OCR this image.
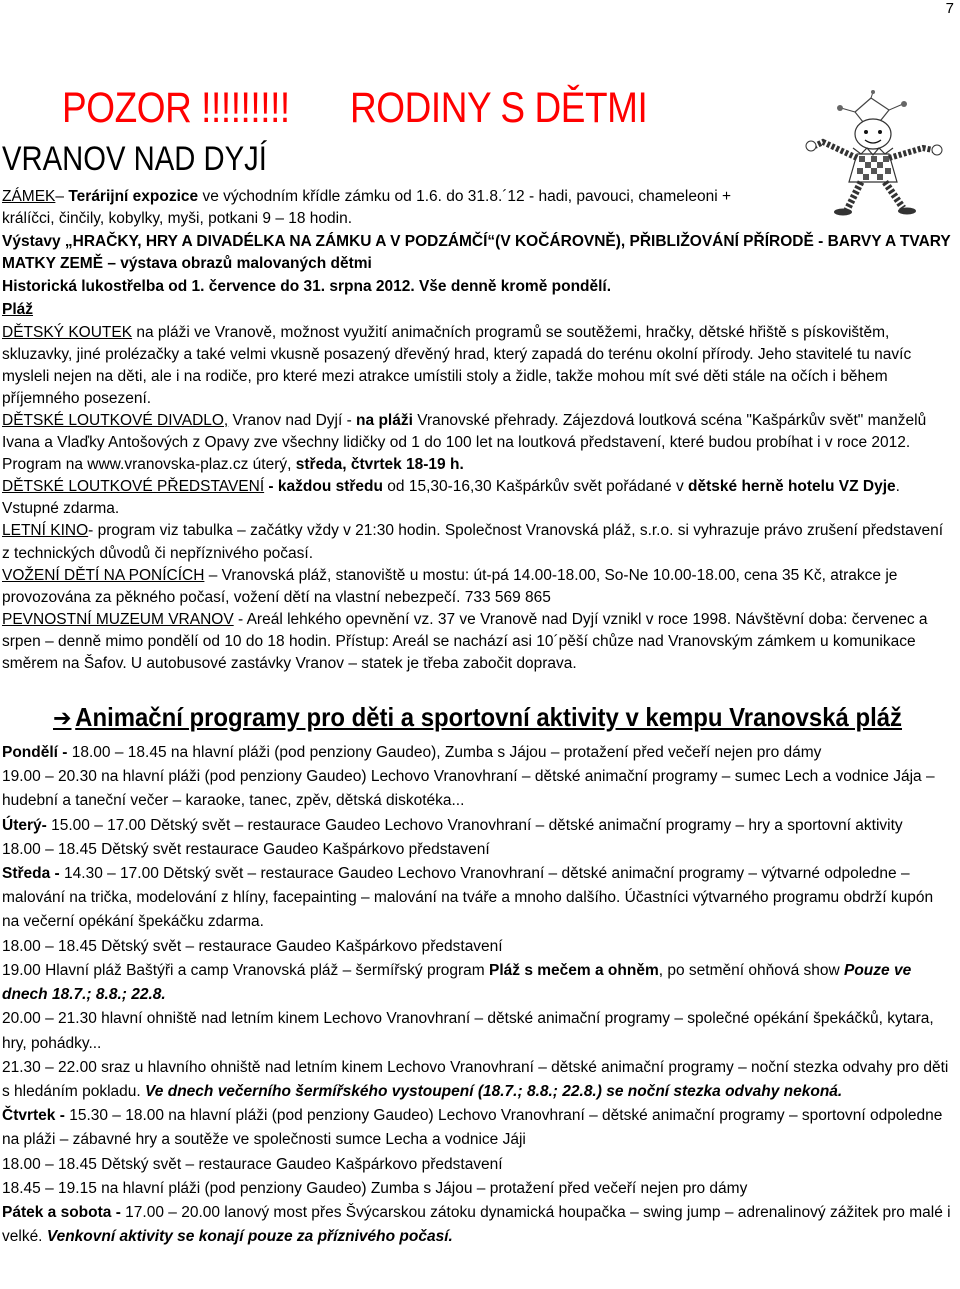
7
POZOR !!!!!!!!! RODINY S DĚTMI
VRANOV NAD DYJÍ

ZÁMEK– Terárijní expozice ve východním křídle zámku od 1.6. do 31.8.´12 - hadi, pavouci, chameleoni + králíčci, činčily, kobylky, myši, potkani 9 – 18 hodin.

Výstavy „HRAČKY, HRY A DIVADÉLKA NA ZÁMKU A V PODZÁMČÍ“(V KOČÁROVNĚ), PŘIBLIŽOVÁNÍ PŘÍRODĚ - BARVY A TVARY MATKY ZEMĚ – výstava obrazů malovaných dětmi

Historická lukostřelba od 1. července do 31. srpna 2012. Vše denně kromě pondělí.

Pláž

DĚTSKÝ KOUTEK na pláži ve Vranově, možnost využití animačních programů se soutěžemi, hračky, dětské hřiště s pískovištěm, skluzavky, jiné prolézačky a také velmi vkusně posazený dřevěný hrad, který zapadá do terénu okolní přírody. Jeho stavitelé tu navíc mysleli nejen na děti, ale i na rodiče, pro které mezi atrakce umístili stoly a židle, takže mohou mít své děti stále na očích i během příjemného posezení.

DĚTSKÉ LOUTKOVÉ DIVADLO, Vranov nad Dyjí - na pláži Vranovské přehrady. Zájezdová loutková scéna "Kašpárkův svět" manželů Ivana a Vlaďky Antošových z Opavy zve všechny lidičky od 1 do 100 let na loutková představení, které budou probíhat i v roce 2012. Program na www.vranovska-plaz.cz úterý, středa, čtvrtek 18-19 h.

DĚTSKÉ LOUTKOVÉ PŘEDSTAVENÍ - každou středu od 15,30-16,30 Kašpárkův svět pořádané v dětské herně hotelu VZ Dyje. Vstupné zdarma.

LETNÍ KINO- program viz tabulka – začátky vždy v 21:30 hodin. Společnost Vranovská pláž, s.r.o. si vyhrazuje právo zrušení představení z technických důvodů či nepříznivého počasí.

VOŽENÍ DĚTÍ NA PONÍCÍCH – Vranovská pláž, stanoviště u mostu: út-pá 14.00-18.00, So-Ne 10.00-18.00, cena 35 Kč, atrakce je provozována za pěkného počasí, vožení dětí na vlastní nebezpečí. 733 569 865

PEVNOSTNÍ MUZEUM VRANOV - Areál lehkého opevnění vz. 37 ve Vranově nad Dyjí vznikl v roce 1998. Návštěvní doba: červenec a srpen – denně mimo pondělí od 10 do 18 hodin. Přístup: Areál se nachází asi 10´pěší chůze nad Vranovským zámkem u komunikace směrem na Šafov. U autobusové zastávky Vranov – statek je třeba zabočit doprava.

➔ Animační programy pro děti a sportovní aktivity v kempu Vranovská pláž

Pondělí - 18.00 – 18.45 na hlavní pláži (pod penziony Gaudeo), Zumba s Jájou – protažení před večeří nejen pro dámy

19.00 – 20.30 na hlavní pláži (pod penziony Gaudeo) Lechovo Vranovhraní – dětské animační programy – sumec Lech a vodnice Jája – hudební a taneční večer – karaoke, tanec, zpěv, dětská diskotéka...

Úterý- 15.00 – 17.00 Dětský svět – restaurace Gaudeo Lechovo Vranovhraní – dětské animační programy – hry a sportovní aktivity

18.00 – 18.45 Dětský svět restaurace Gaudeo Kašpárkovo představení

Středa - 14.30 – 17.00 Dětský svět – restaurace Gaudeo Lechovo Vranovhraní – dětské animační programy – výtvarné odpoledne – malování na trička, modelování z hlíny, facepainting – malování na tváře a mnoho dalšího. Účastníci výtvarného programu obdrží kupón na večerní opékání špekáčku zdarma.

18.00 – 18.45 Dětský svět – restaurace Gaudeo Kašpárkovo představení

19.00 Hlavní pláž Baštýři a camp Vranovská pláž – šermířský program Pláž s mečem a ohněm, po setmění ohňová show Pouze ve dnech 18.7.; 8.8.; 22.8.

20.00 – 21.30 hlavní ohniště nad letním kinem Lechovo Vranovhraní – dětské animační programy – společné opékání špekáčků, kytara, hry, pohádky...

21.30 – 22.00 sraz u hlavního ohniště nad letním kinem Lechovo Vranovhraní – dětské animační programy – noční stezka odvahy pro děti s hledáním pokladu. Ve dnech večerního šermířského vystoupení (18.7.; 8.8.; 22.8.) se noční stezka odvahy nekoná.

Čtvrtek - 15.30 – 18.00 na hlavní pláži (pod penziony Gaudeo) Lechovo Vranovhraní – dětské animační programy – sportovní odpoledne na pláži – zábavné hry a soutěže ve společnosti sumce Lecha a vodnice Jáji

18.00 – 18.45 Dětský svět – restaurace Gaudeo Kašpárkovo představení

18.45 – 19.15 na hlavní pláži (pod penziony Gaudeo) Zumba s Jájou – protažení před večeří nejen pro dámy

Pátek a sobota - 17.00 – 20.00 lanový most přes Švýcarskou zátoku dynamická houpačka – swing jump – adrenalinový zážitek pro malé i velké. Venkovní aktivity se konají pouze za příznivého počasí.
